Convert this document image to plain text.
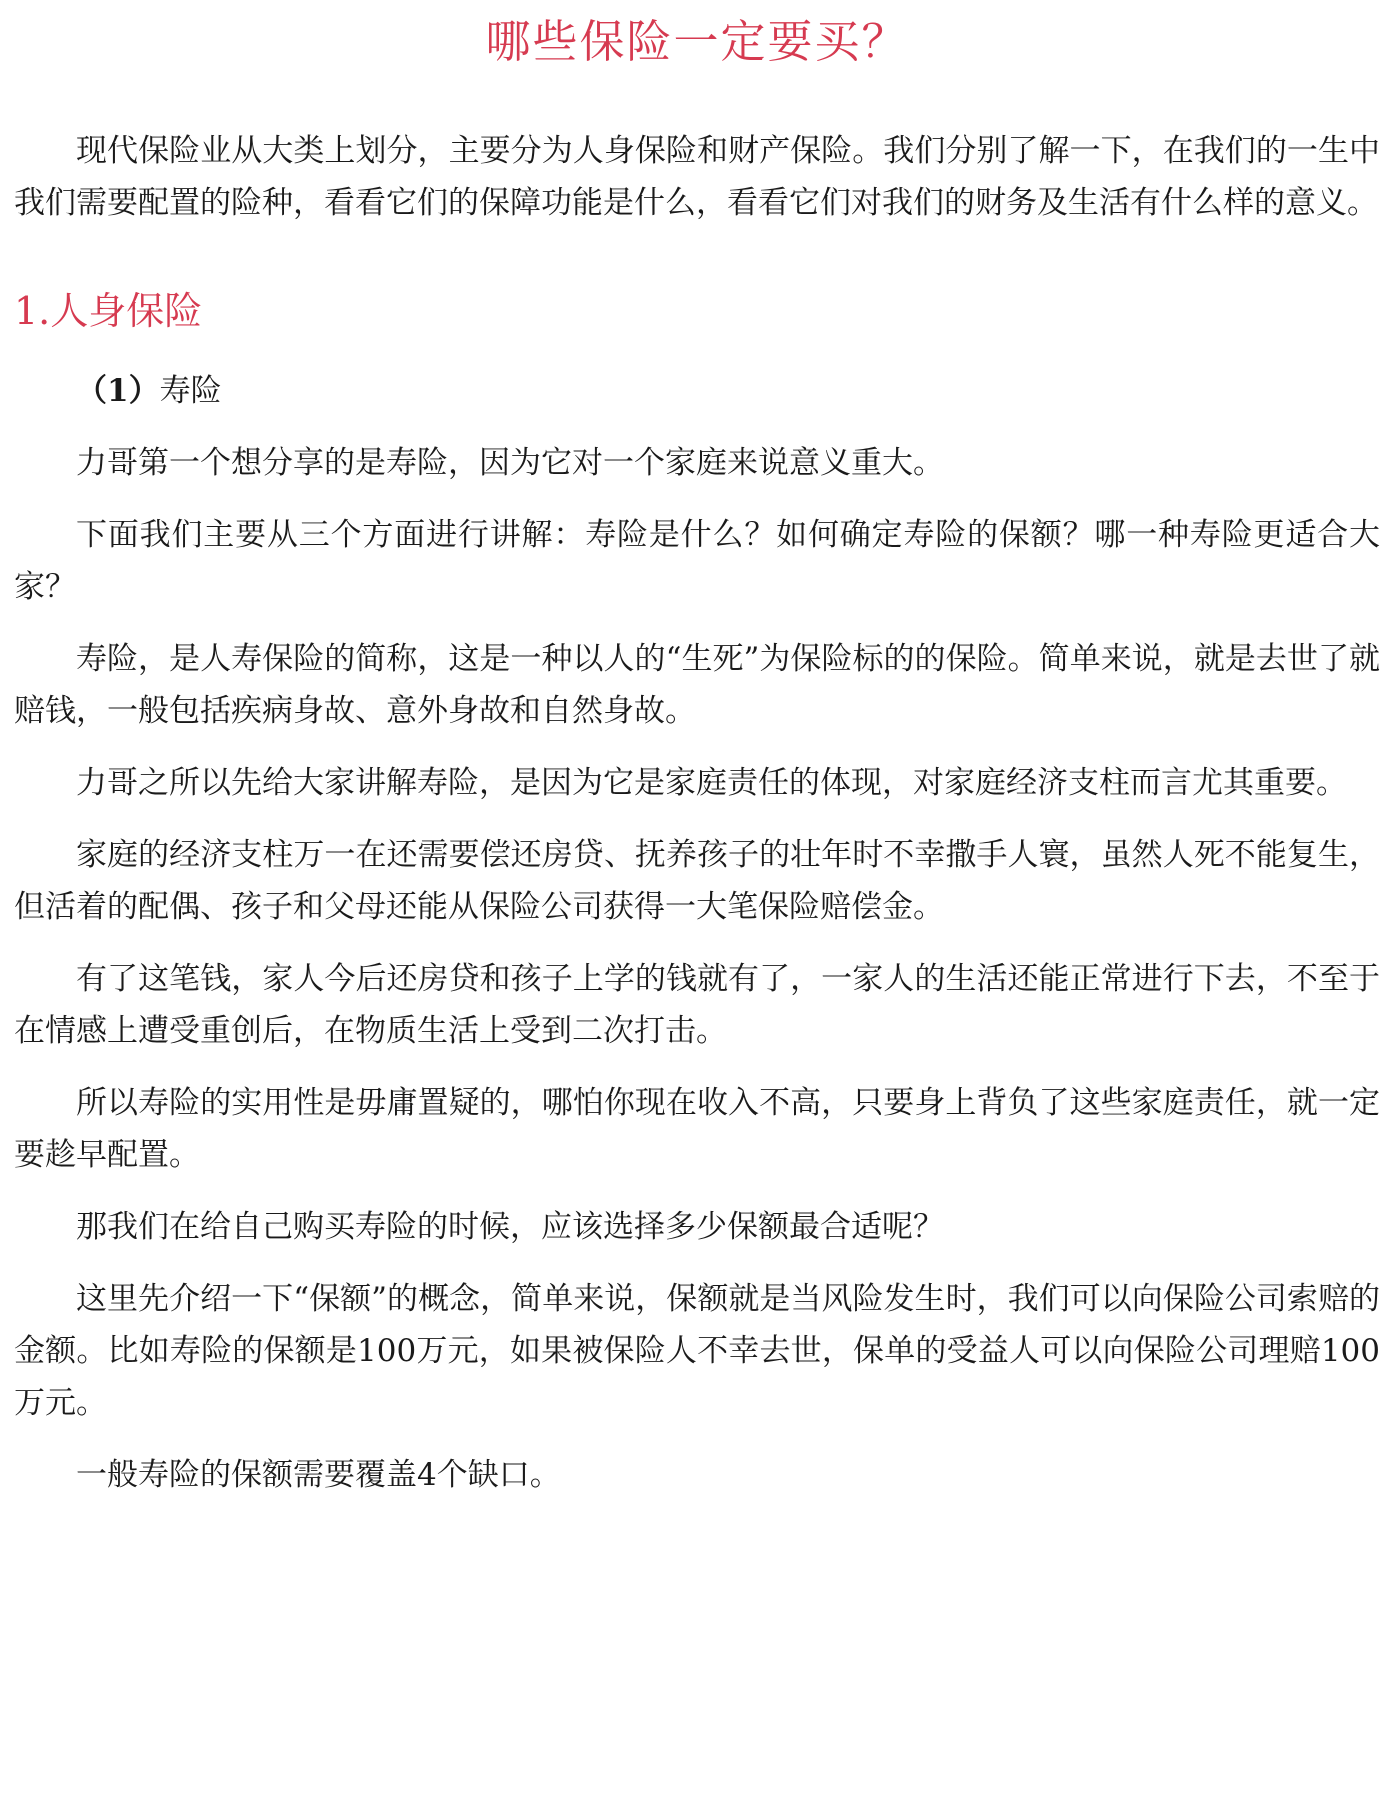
哪些保险一定要买？

现代保险业从大类上划分，主要分为人身保险和财产保险。我们分别了解一下，在我们的一生中我们需要配置的险种，看看它们的保障功能是什么，看看它们对我们的财务及生活有什么样的意义。

1.人身保险
（1）寿险

力哥第一个想分享的是寿险，因为它对一个家庭来说意义重大。

下面我们主要从三个方面进行讲解：寿险是什么？如何确定寿险的保额？哪一种寿险更适合大家？

寿险，是人寿保险的简称，这是一种以人的“生死”为保险标的的保险。简单来说，就是去世了就赔钱，一般包括疾病身故、意外身故和自然身故。

力哥之所以先给大家讲解寿险，是因为它是家庭责任的体现，对家庭经济支柱而言尤其重要。

家庭的经济支柱万一在还需要偿还房贷、抚养孩子的壮年时不幸撒手人寰，虽然人死不能复生，但活着的配偶、孩子和父母还能从保险公司获得一大笔保险赔偿金。

有了这笔钱，家人今后还房贷和孩子上学的钱就有了，一家人的生活还能正常进行下去，不至于在情感上遭受重创后，在物质生活上受到二次打击。

所以寿险的实用性是毋庸置疑的，哪怕你现在收入不高，只要身上背负了这些家庭责任，就一定要趁早配置。

那我们在给自己购买寿险的时候，应该选择多少保额最合适呢？

这里先介绍一下“保额”的概念，简单来说，保额就是当风险发生时，我们可以向保险公司索赔的金额。比如寿险的保额是100万元，如果被保险人不幸去世，保单的受益人可以向保险公司理赔100万元。

一般寿险的保额需要覆盖4个缺口。
